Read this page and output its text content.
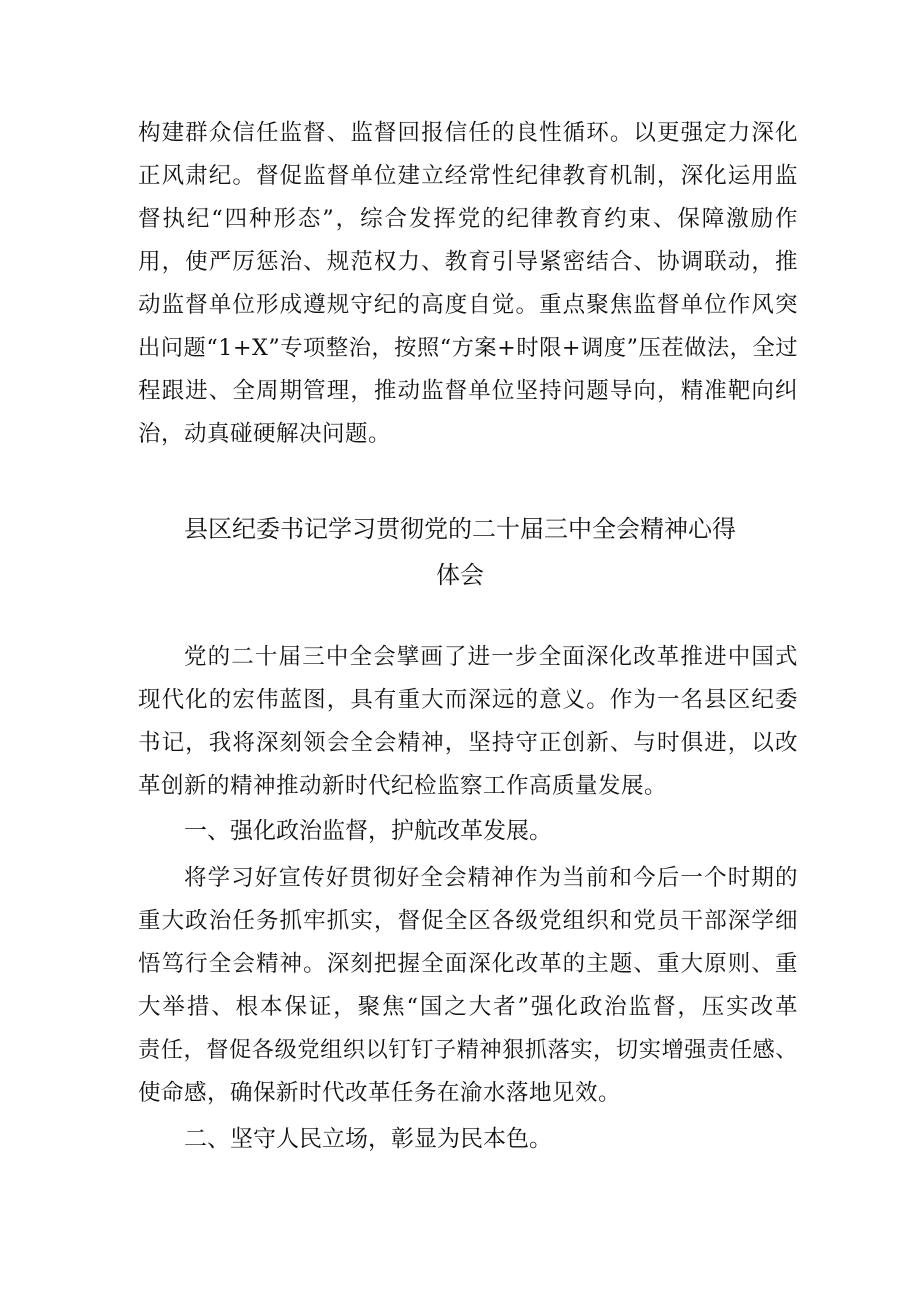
构建群众信任监督、监督回报信任的良性循环。以更强定力深化
正风肃纪。督促监督单位建立经常性纪律教育机制，深化运用监
督执纪“四种形态”，综合发挥党的纪律教育约束、保障激励作
用，使严厉惩治、规范权力、教育引导紧密结合、协调联动，推
动监督单位形成遵规守纪的高度自觉。重点聚焦监督单位作风突
出问题“1+X”专项整治，按照“方案+时限+调度”压茬做法，全过
程跟进、全周期管理，推动监督单位坚持问题导向，精准靶向纠
治，动真碰硬解决问题。
县区纪委书记学习贯彻党的二十届三中全会精神心得
体会
党的二十届三中全会擘画了进一步全面深化改革推进中国式
现代化的宏伟蓝图，具有重大而深远的意义。作为一名县区纪委
书记，我将深刻领会全会精神，坚持守正创新、与时俱进，以改
革创新的精神推动新时代纪检监察工作高质量发展。
一、强化政治监督，护航改革发展。
将学习好宣传好贯彻好全会精神作为当前和今后一个时期的
重大政治任务抓牢抓实，督促全区各级党组织和党员干部深学细
悟笃行全会精神。深刻把握全面深化改革的主题、重大原则、重
大举措、根本保证，聚焦“国之大者”强化政治监督，压实改革
责任，督促各级党组织以钉钉子精神狠抓落实，切实增强责任感、
使命感，确保新时代改革任务在渝水落地见效。
二、坚守人民立场，彰显为民本色。
